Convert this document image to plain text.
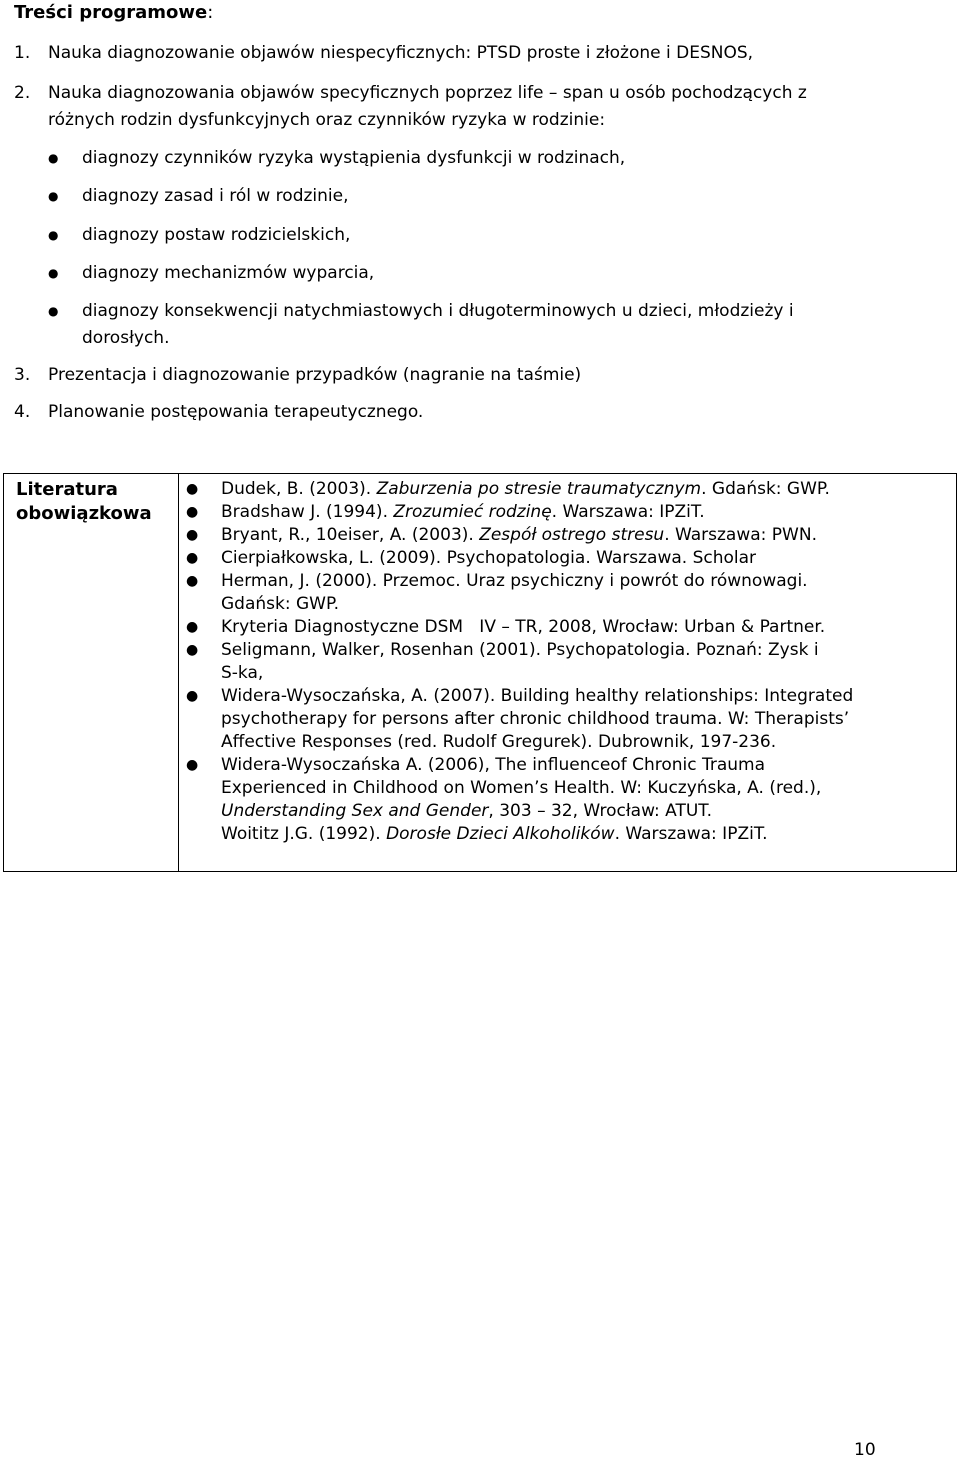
Treści programowe:
1. Nauka diagnozowanie objawów niespecyficznych: PTSD proste i złożone i DESNOS,
2. Nauka diagnozowania objawów specyficznych poprzez life – span u osób pochodzących z
różnych rodzin dysfunkcyjnych oraz czynników ryzyka w rodzinie:
●	diagnozy czynników ryzyka wystąpienia dysfunkcji w rodzinach,
●	diagnozy zasad i ról w rodzinie,
●	diagnozy postaw rodzicielskich,
●	diagnozy mechanizmów wyparcia,
●	diagnozy konsekwencji natychmiastowych i długoterminowych u dzieci, młodzieży i
dorosłych.
3. Prezentacja i diagnozowanie przypadków (nagranie na taśmie)
4. Planowanie postępowania terapeutycznego.
Literatura
obowiązkowa
● Dudek, B. (2003). Zaburzenia po stresie traumatycznym. Gdańsk: GWP.
● Bradshaw J. (1994). Zrozumieć rodzinę. Warszawa: IPZiT.
● Bryant, R., 10eiser, A. (2003). Zespół ostrego stresu. Warszawa: PWN.
● Cierpiałkowska, L. (2009). Psychopatologia. Warszawa. Scholar
● Herman, J. (2000). Przemoc. Uraz psychiczny i powrót do równowagi.
Gdańsk: GWP.
● Kryteria Diagnostyczne DSM   IV – TR, 2008, Wrocław: Urban & Partner.
● Seligmann, Walker, Rosenhan (2001). Psychopatologia. Poznań: Zysk i
S-ka,
● Widera-Wysoczańska, A. (2007). Building healthy relationships: Integrated
psychotherapy for persons after chronic childhood trauma. W: Therapists’
Affective Responses (red. Rudolf Gregurek). Dubrownik, 197-236.
● Widera-Wysoczańska A. (2006), The influenceof Chronic Trauma
Experienced in Childhood on Women’s Health. W: Kuczyńska, A. (red.),
Understanding Sex and Gender, 303 – 32, Wrocław: ATUT.
Woititz J.G. (1992). Dorosłe Dzieci Alkoholików. Warszawa: IPZiT.
10
